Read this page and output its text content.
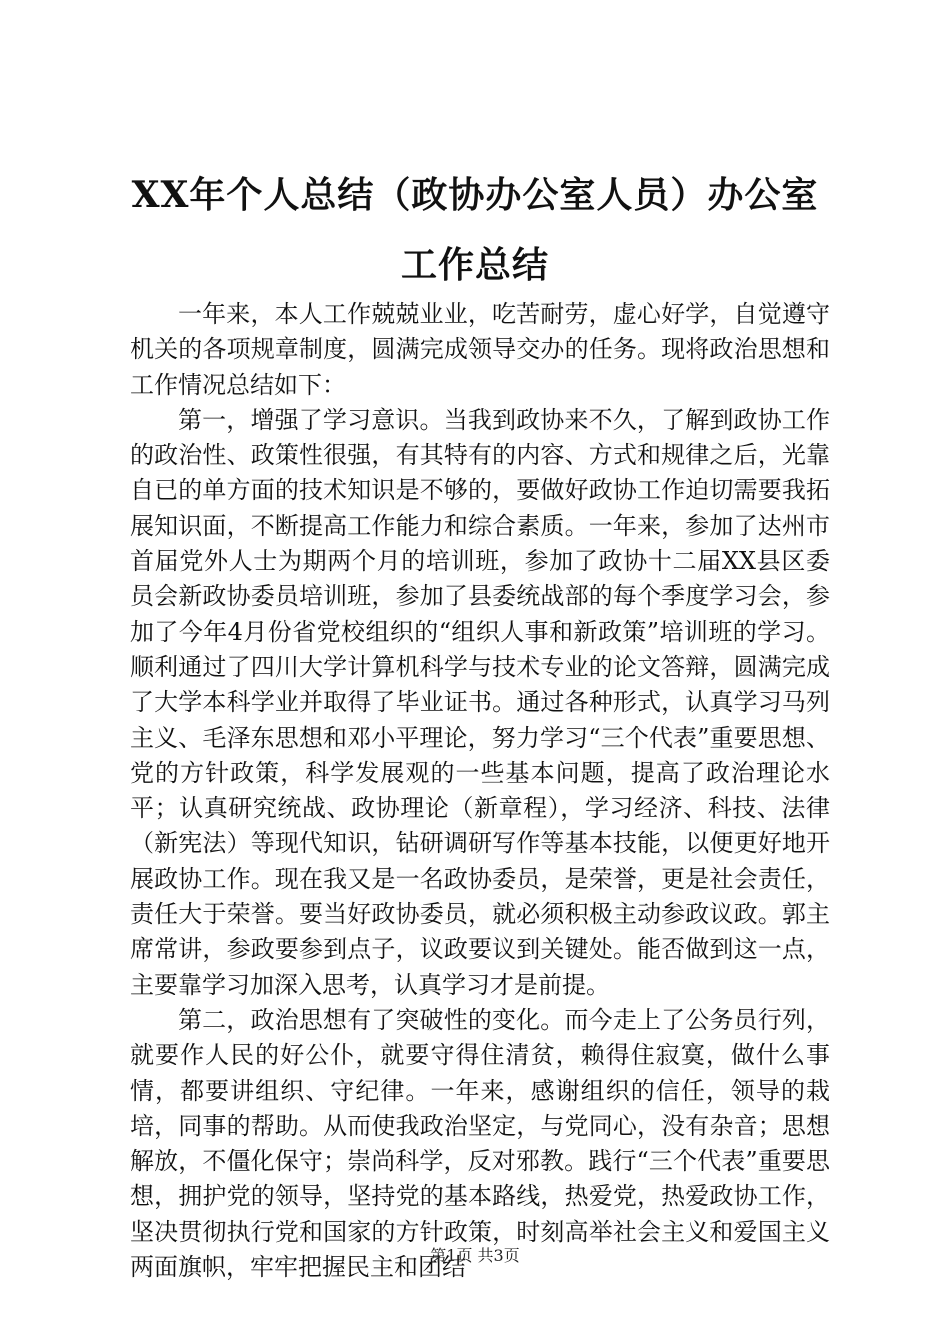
XX年个人总结（政协办公室人员）办公室工作总结

一年来，本人工作兢兢业业，吃苦耐劳，虚心好学，自觉遵守机关的各项规章制度，圆满完成领导交办的任务。现将政治思想和工作情况总结如下：

第一，增强了学习意识。当我到政协来不久，了解到政协工作的政治性、政策性很强，有其特有的内容、方式和规律之后，光靠自已的单方面的技术知识是不够的，要做好政协工作迫切需要我拓展知识面，不断提高工作能力和综合素质。一年来，参加了达州市首届党外人士为期两个月的培训班，参加了政协十二届XX县区委员会新政协委员培训班，参加了县委统战部的每个季度学习会，参加了今年4月份省党校组织的“组织人事和新政策”培训班的学习。顺利通过了四川大学计算机科学与技术专业的论文答辩，圆满完成了大学本科学业并取得了毕业证书。通过各种形式，认真学习马列主义、毛泽东思想和邓小平理论，努力学习“三个代表”重要思想、党的方针政策，科学发展观的一些基本问题，提高了政治理论水平；认真研究统战、政协理论（新章程），学习经济、科技、法律（新宪法）等现代知识，钻研调研写作等基本技能，以便更好地开展政协工作。现在我又是一名政协委员，是荣誉，更是社会责任，责任大于荣誉。要当好政协委员，就必须积极主动参政议政。郭主席常讲，参政要参到点子，议政要议到关键处。能否做到这一点，主要靠学习加深入思考，认真学习才是前提。

第二，政治思想有了突破性的变化。而今走上了公务员行列，就要作人民的好公仆，就要守得住清贫，赖得住寂寞，做什么事情，都要讲组织、守纪律。一年来，感谢组织的信任，领导的栽培，同事的帮助。从而使我政治坚定，与党同心，没有杂音；思想解放，不僵化保守；崇尚科学，反对邪教。践行“三个代表”重要思想，拥护党的领导，坚持党的基本路线，热爱党，热爱政协工作，坚决贯彻执行党和国家的方针政策，时刻高举社会主义和爱国主义两面旗帜，牢牢把握民主和团结

第1页 共3页
